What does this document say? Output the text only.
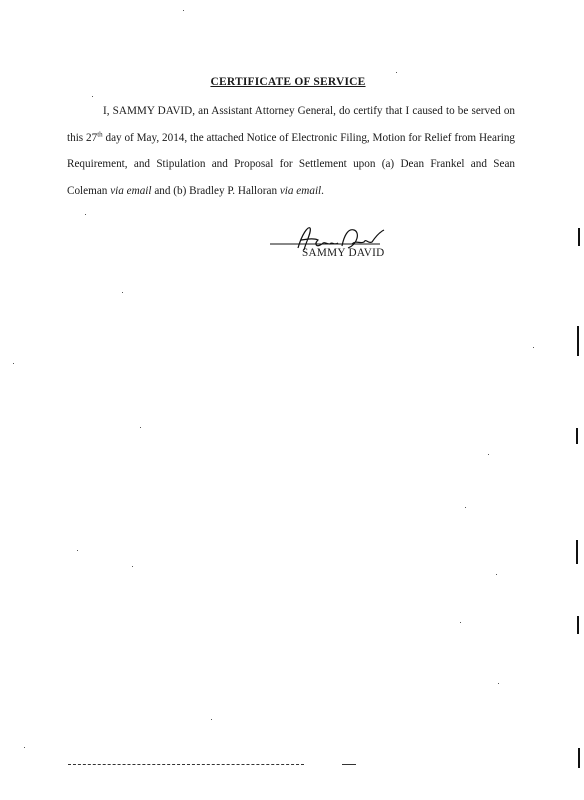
CERTIFICATE OF SERVICE
I, SAMMY DAVID, an Assistant Attorney General, do certify that I caused to be served on this 27th day of May, 2014, the attached Notice of Electronic Filing, Motion for Relief from Hearing Requirement, and Stipulation and Proposal for Settlement upon (a) Dean Frankel and Sean Coleman via email and (b) Bradley P. Halloran via email.
SAMMY DAVID
